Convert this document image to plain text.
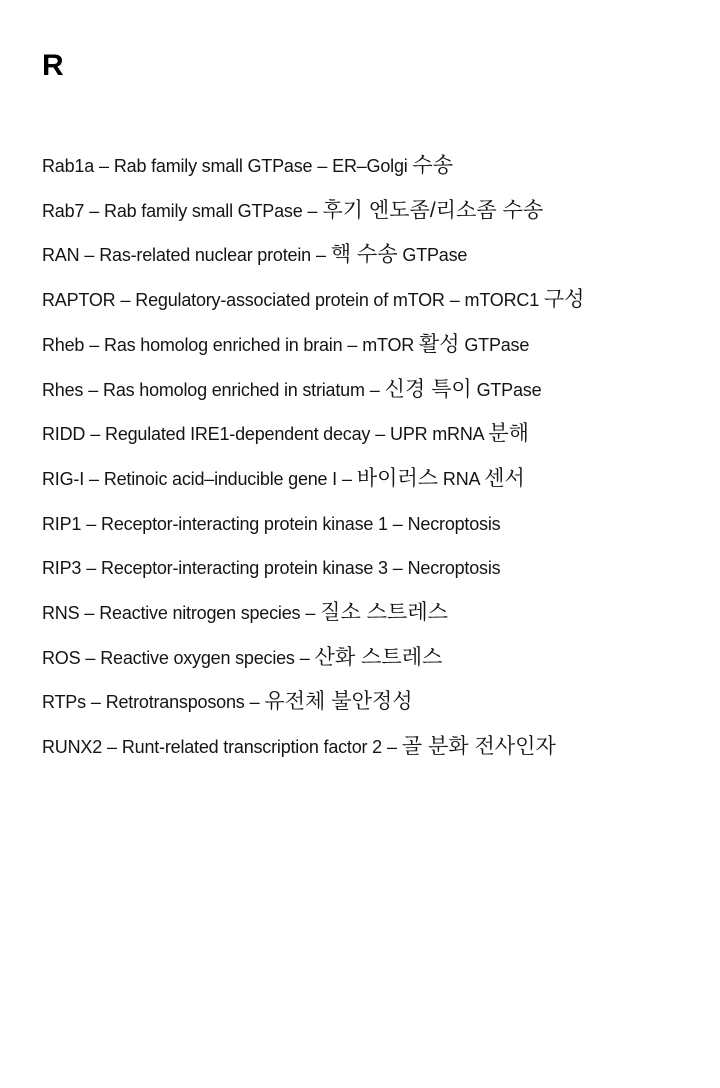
R

Rab1a – Rab family small GTPase – ER–Golgi 수송

Rab7 – Rab family small GTPase – 후기 엔도좀/리소좀 수송

RAN – Ras-related nuclear protein – 핵 수송 GTPase

RAPTOR – Regulatory-associated protein of mTOR – mTORC1 구성

Rheb – Ras homolog enriched in brain – mTOR 활성 GTPase

Rhes – Ras homolog enriched in striatum – 신경 특이 GTPase

RIDD – Regulated IRE1-dependent decay – UPR mRNA 분해

RIG-I – Retinoic acid–inducible gene I – 바이러스 RNA 센서

RIP1 – Receptor-interacting protein kinase 1 – Necroptosis

RIP3 – Receptor-interacting protein kinase 3 – Necroptosis

RNS – Reactive nitrogen species – 질소 스트레스

ROS – Reactive oxygen species – 산화 스트레스

RTPs – Retrotransposons – 유전체 불안정성

RUNX2 – Runt-related transcription factor 2 – 골 분화 전사인자
